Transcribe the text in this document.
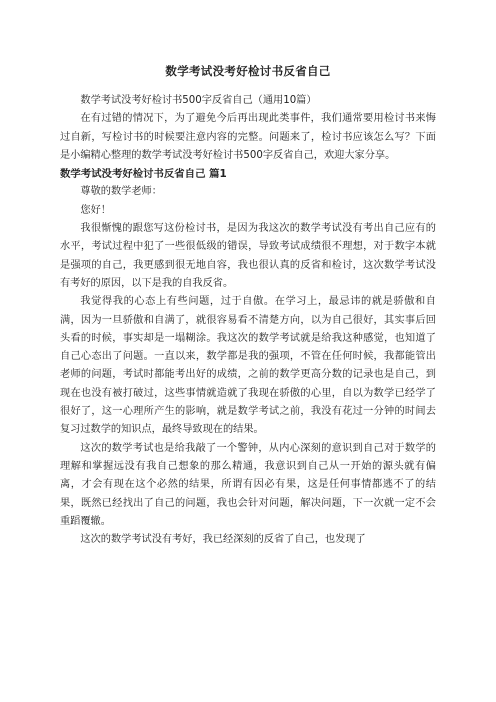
数学考试没考好检讨书反省自己

数学考试没考好检讨书500字反省自己（通用10篇）

在有过错的情况下，为了避免今后再出现此类事件，我们通常要用检讨书来悔过自新，写检讨书的时候要注意内容的完整。问题来了，检讨书应该怎么写？下面是小编精心整理的数学考试没考好检讨书500字反省自己，欢迎大家分享。

数学考试没考好检讨书反省自己 篇1

尊敬的数学老师：

您好！

我很惭愧的跟您写这份检讨书，是因为我这次的数学考试没有考出自己应有的水平，考试过程中犯了一些很低级的错误，导致考试成绩很不理想，对于数字本就是强项的自己，我更感到很无地自容，我也很认真的反省和检讨，这次数学考试没有考好的原因，以下是我的自我反省。

我觉得我的心态上有些问题，过于自傲。在学习上，最忌讳的就是骄傲和自满，因为一旦骄傲和自满了，就很容易看不清楚方向，以为自己很好，其实事后回头看的时候，事实却是一塌糊涂。我这次的数学考试就是给我这种感觉，也知道了自己心态出了问题。一直以来，数学都是我的强项，不管在任何时候，我都能管出老师的问题，考试时都能考出好的成绩，之前的数学更高分数的记录也是自己，到现在也没有被打破过，这些事情就造就了我现在骄傲的心里，自以为数学已经学了很好了，这一心理所产生的影响，就是数学考试之前，我没有花过一分钟的时间去复习过数学的知识点，最终导致现在的结果。

这次的数学考试也是给我敲了一个警钟，从内心深刻的意识到自己对于数学的理解和掌握远没有我自己想象的那么精通，我意识到自己从一开始的源头就有偏离，才会有现在这个必然的结果，所谓有因必有果，这是任何事情都逃不了的结果，既然已经找出了自己的问题，我也会针对问题，解决问题，下一次就一定不会重蹈覆辙。

这次的数学考试没有考好，我已经深刻的反省了自己，也发现了
